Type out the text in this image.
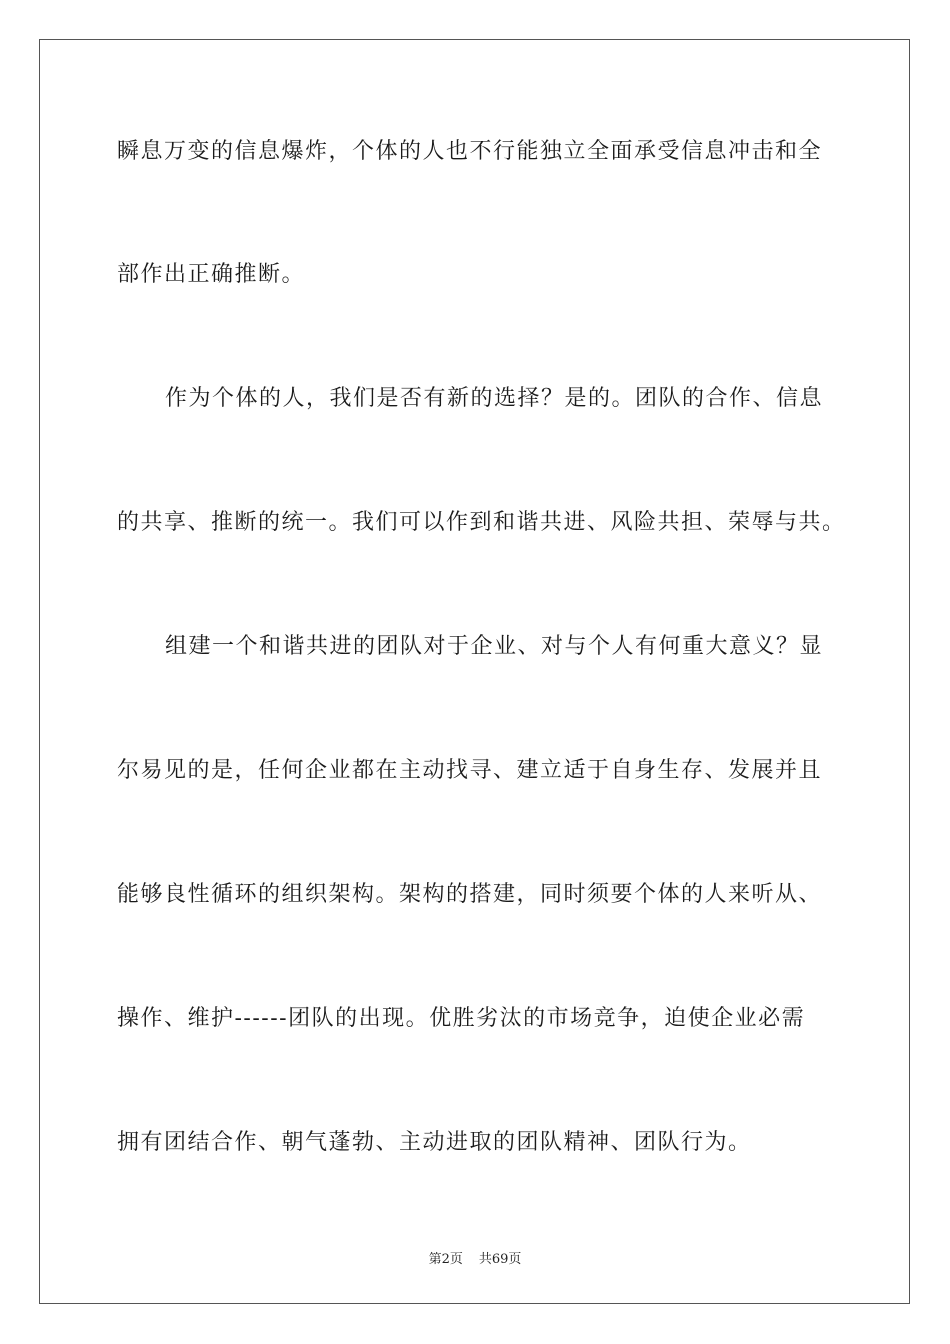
瞬息万变的信息爆炸，个体的人也不行能独立全面承受信息冲击和全
部作出正确推断。
作为个体的人，我们是否有新的选择？是的。团队的合作、信息
的共享、推断的统一。我们可以作到和谐共进、风险共担、荣辱与共。
组建一个和谐共进的团队对于企业、对与个人有何重大意义？显
尔易见的是，任何企业都在主动找寻、建立适于自身生存、发展并且
能够良性循环的组织架构。架构的搭建，同时须要个体的人来听从、
操作、维护------团队的出现。优胜劣汰的市场竞争，迫使企业必需
拥有团结合作、朝气蓬勃、主动进取的团队精神、团队行为。
第2页 共69页
